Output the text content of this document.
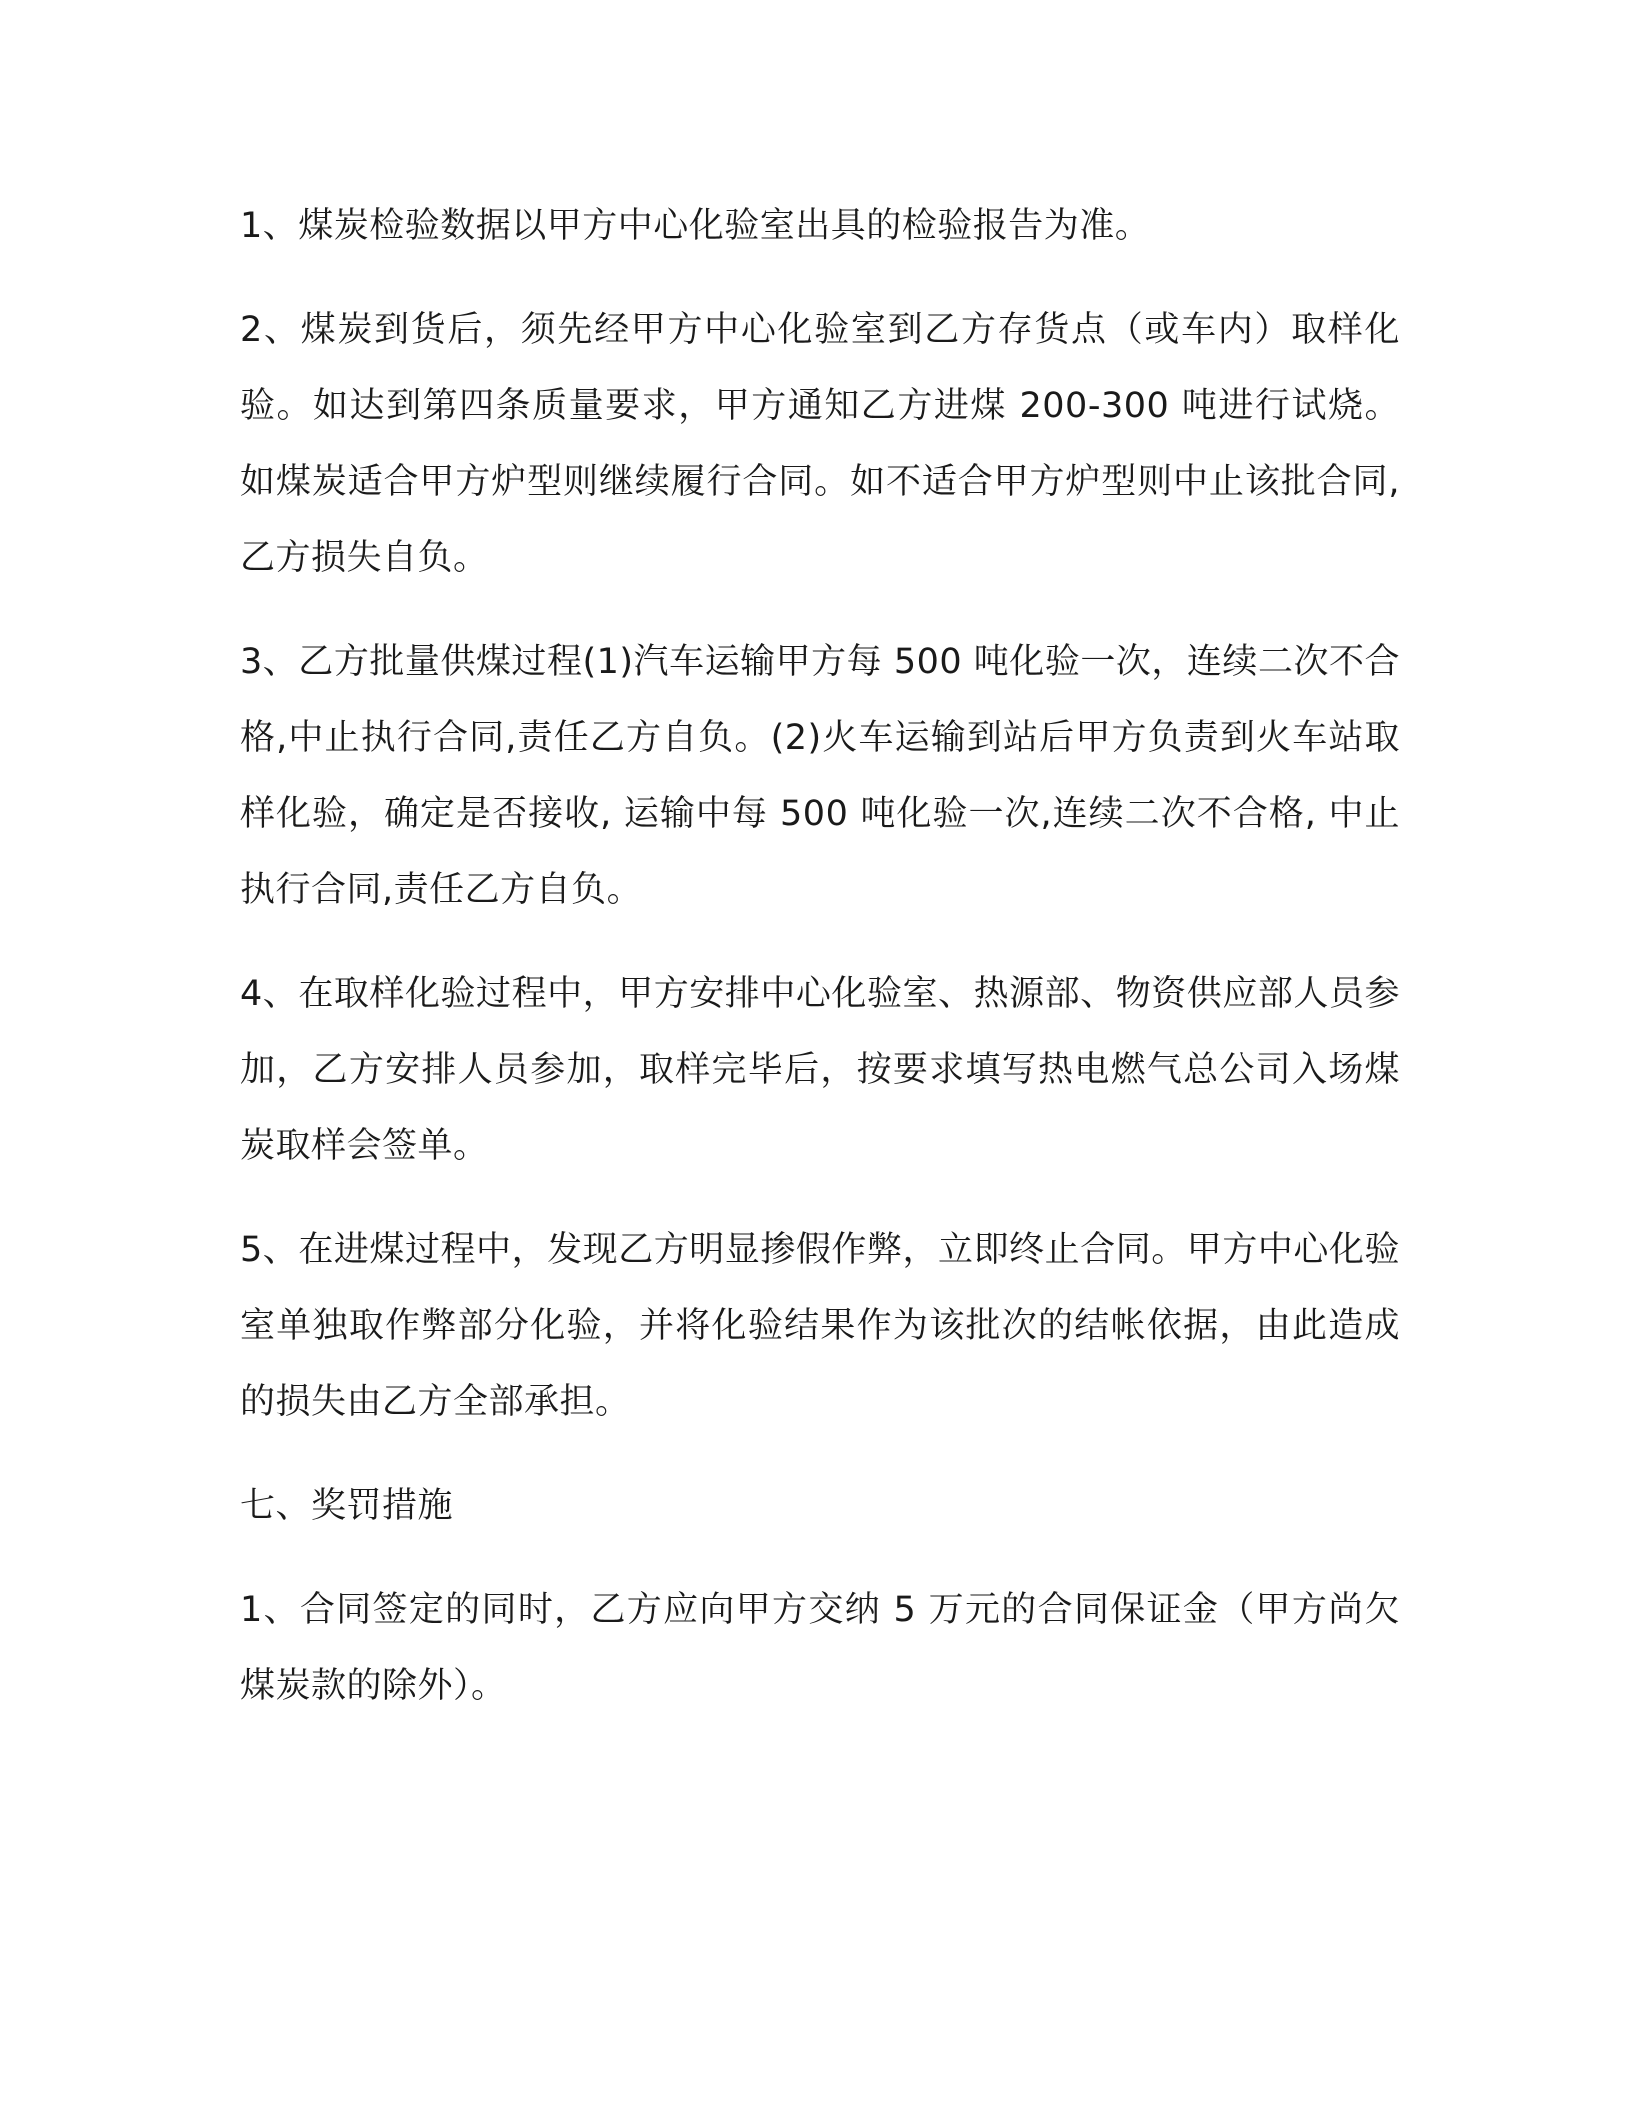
1、煤炭检验数据以甲方中心化验室出具的检验报告为准。

2、煤炭到货后，须先经甲方中心化验室到乙方存货点（或车内）取样化验。如达到第四条质量要求，甲方通知乙方进煤 200-300 吨进行试烧。如煤炭适合甲方炉型则继续履行合同。如不适合甲方炉型则中止该批合同,乙方损失自负。

3、乙方批量供煤过程(1)汽车运输甲方每 500 吨化验一次，连续二次不合格,中止执行合同,责任乙方自负。(2)火车运输到站后甲方负责到火车站取样化验，确定是否接收, 运输中每 500 吨化验一次,连续二次不合格, 中止执行合同,责任乙方自负。

4、在取样化验过程中，甲方安排中心化验室、热源部、物资供应部人员参加，乙方安排人员参加，取样完毕后，按要求填写热电燃气总公司入场煤炭取样会签单。

5、在进煤过程中，发现乙方明显掺假作弊，立即终止合同。甲方中心化验室单独取作弊部分化验，并将化验结果作为该批次的结帐依据，由此造成的损失由乙方全部承担。

七、奖罚措施

1、合同签定的同时，乙方应向甲方交纳 5 万元的合同保证金（甲方尚欠煤炭款的除外）。
